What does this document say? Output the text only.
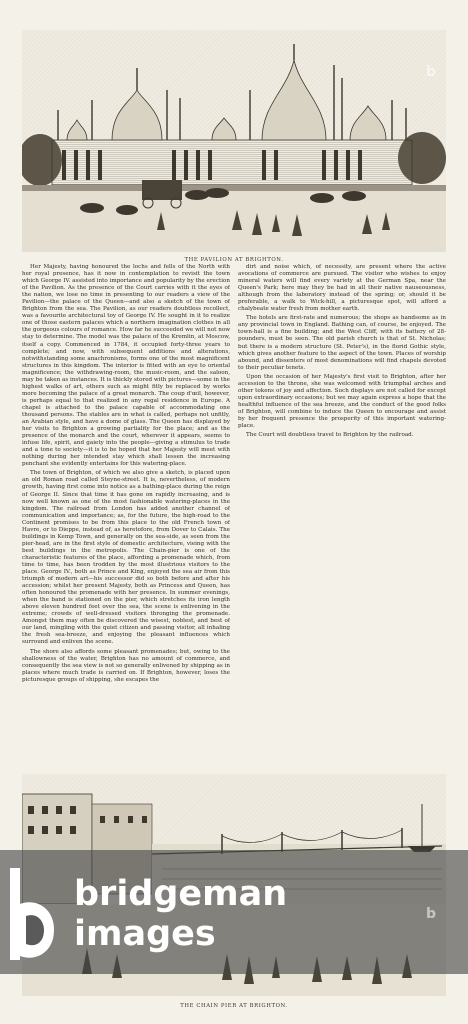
THE PAVILION AT BRIGHTON.

Her Majesty, having honoured the lochs and fells of the North with her royal presence, has it now in contemplation to revisit the town which George IV. assisted into importance and popularity by the erection of the Pavilion. As the presence of the Court carries with it the eyes of the nation, we lose no time in presenting to our readers a view of the Pavilion—the palace of the Queen—and also a sketch of the town of Brighton from the sea. The Pavilion, as our readers doubtless recollect, was a favourite architectural toy of George IV. He sought in it to realize one of those eastern palaces which a northern imagination clothes in all the gorgeous colours of romance. How far he succeeded we will not now stay to determine. The model was the palace of the Kremlin, at Moscow, itself a copy. Commenced in 1784, it occupied forty-three years to complete; and now, with subsequent additions and alterations, notwithstanding some anachronisms, forms one of the most magnificent structures in this kingdom. The interior is fitted with an eye to oriental magnificence; the withdrawing-room, the music-room, and the saloon, may be taken as instances. It is thickly stored with pictures—some in the highest walks of art, others such as might fitly be replaced by works more becoming the palace of a great monarch. The coup d'œil, however, is perhaps equal to that realized in any regal residence in Europe. A chapel is attached to the palace capable of accommodating one thousand persons. The stables are in what is called, perhaps not unfitly, an Arabian style, and have a dome of glass. The Queen has displayed by her visits to Brighton a growing partiality for the place; and as the presence of the monarch and the court, wherever it appears, seems to infuse life, spirit, and gaiety into the people—giving a stimulus to trade and a tone to society—it is to be hoped that her Majesty will meet with nothing during her intended stay which shall lessen the increasing penchant she evidently entertains for this watering-place.

The town of Brighton, of which we also give a sketch, is placed upon an old Roman road called Steyne-street. It is, nevertheless, of modern growth, having first come into notice as a bathing-place during the reign of George II. Since that time it has gone on rapidly increasing, and is now well known as one of the most fashionable watering-places in the kingdom. The railroad from London has added another channel of communication and importance; as, for the future, the high-road to the Continent promises to be from this place to the old French town of Havre, or to Dieppe, instead of, as heretofore, from Dover to Calais. The buildings in Kemp Town, and generally on the sea-side, as seen from the pier-head, are in the first style of domestic architecture, vieing with the best buildings in the metropolis. The Chain-pier is one of the characteristic features of the place, affording a promenade which, from time to time, has been trodden by the most illustrious visitors to the place. George IV., both as Prince and King, enjoyed the sea air from this triumph of modern art—his successor did so both before and after his accession; whilst her present Majesty, both as Princess and Queen, has often honoured the promenade with her presence. In summer evenings, when the band is stationed on the pier, which stretches its iron length above eleven hundred feet over the sea, the scene is enlivening in the extreme; crowds of well-dressed visitors thronging the promenade. Amongst them may often be discovered the wisest, noblest, and best of our land, mingling with the quiet citizen and passing visitor, all inhaling the fresh sea-breeze, and enjoying the pleasant influences which surround and enliven the scene.

The shore also affords some pleasant promenades; but, owing to the shallowness of the water, Brighton has no amount of commerce, and consequently the sea view is not so generally enlivened by shipping as in places where much trade is carried on. If Brighton, however, loses the picturesque groups of shipping, she escapes the

dirt and noise which, of necessity, are present where the active avocations of commerce are pursued. The visitor who wishes to enjoy mineral waters will find every variety at the German Spa, near the Queen's Park; here may they be had in all their native nauseousness, although from the laboratory instead of the spring; or, should it be preferable, a walk to Wick-hill, a picturesque spot, will afford a chalybeate water fresh from mother earth.

The hotels are first-rate and numerous; the shops as handsome as in any provincial town in England. Bathing can, of course, be enjoyed. The town-hall is a fine building; and the West Cliff, with its battery of 28-pounders, must be seen. The old parish church is that of St. Nicholas; but there is a modern structure (St. Peter's), in the florid Gothic style, which gives another feature to the aspect of the town. Places of worship abound, and dissenters of most denominations will find chapels devoted to their peculiar tenets.

Upon the occasion of her Majesty's first visit to Brighton, after her accession to the throne, she was welcomed with triumphal arches and other tokens of joy and affection. Such displays are not called for except upon extraordinary occasions; but we may again express a hope that the healthful influence of the sea breeze, and the conduct of the good folks of Brighton, will combine to induce the Queen to encourage and assist by her frequent presence the prosperity of this important watering-place.

The Court will doubtless travel to Brighton by the railroad.

THE CHAIN PIER AT BRIGHTON.
bridgeman
images
b
b
